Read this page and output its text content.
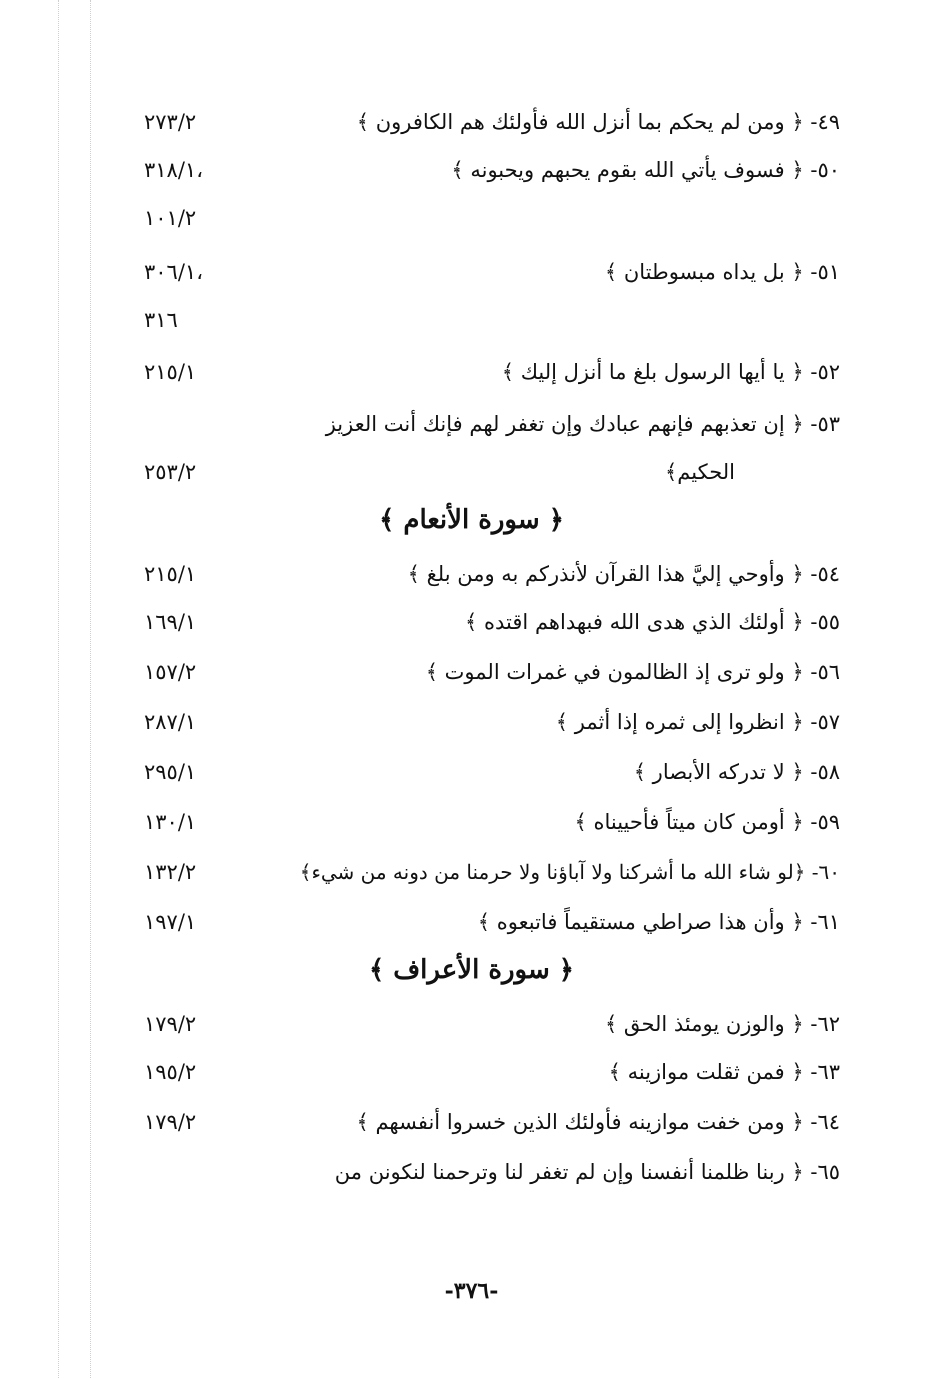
٤٩- ﴿ ومن لم يحكم بما أنزل الله فأولئك هم الكافرون ﴾
٢٧٣/٢
٥٠- ﴿ فسوف يأتي الله بقوم يحبهم ويحبونه ﴾
٣١٨/١،
١٠١/٢
٥١- ﴿ بل يداه مبسوطتان ﴾
٣٠٦/١،
٣١٦
٥٢- ﴿ يا أيها الرسول بلغ ما أنزل إليك ﴾
٢١٥/١
٥٣- ﴿ إن تعذبهم فإنهم عبادك وإن تغفر لهم فإنك أنت العزيز
الحكيم﴾
٢٥٣/٢
﴿ سورة الأنعام ﴾
٥٤- ﴿ وأوحي إليَّ هذا القرآن لأنذركم به ومن بلغ ﴾
٢١٥/١
٥٥- ﴿ أولئك الذي هدى الله فبهداهم اقتده ﴾
١٦٩/١
٥٦- ﴿ ولو ترى إذ الظالمون في غمرات الموت ﴾
١٥٧/٢
٥٧- ﴿ انظروا إلى ثمره إذا أثمر ﴾
٢٨٧/١
٥٨- ﴿ لا تدركه الأبصار ﴾
٢٩٥/١
٥٩- ﴿ أومن كان ميتاً فأحييناه ﴾
١٣٠/١
٦٠- ﴿لو شاء الله ما أشركنا ولا آباؤنا ولا حرمنا من دونه من شيء﴾
١٣٢/٢
٦١- ﴿ وأن هذا صراطي مستقيماً فاتبعوه ﴾
١٩٧/١
﴿ سورة الأعراف ﴾
٦٢- ﴿ والوزن يومئذ الحق ﴾
١٧٩/٢
٦٣- ﴿ فمن ثقلت موازينه ﴾
١٩٥/٢
٦٤- ﴿ ومن خفت موازينه فأولئك الذين خسروا أنفسهم ﴾
١٧٩/٢
٦٥- ﴿ ربنا ظلمنا أنفسنا وإن لم تغفر لنا وترحمنا لنكونن من
-٣٧٦-
